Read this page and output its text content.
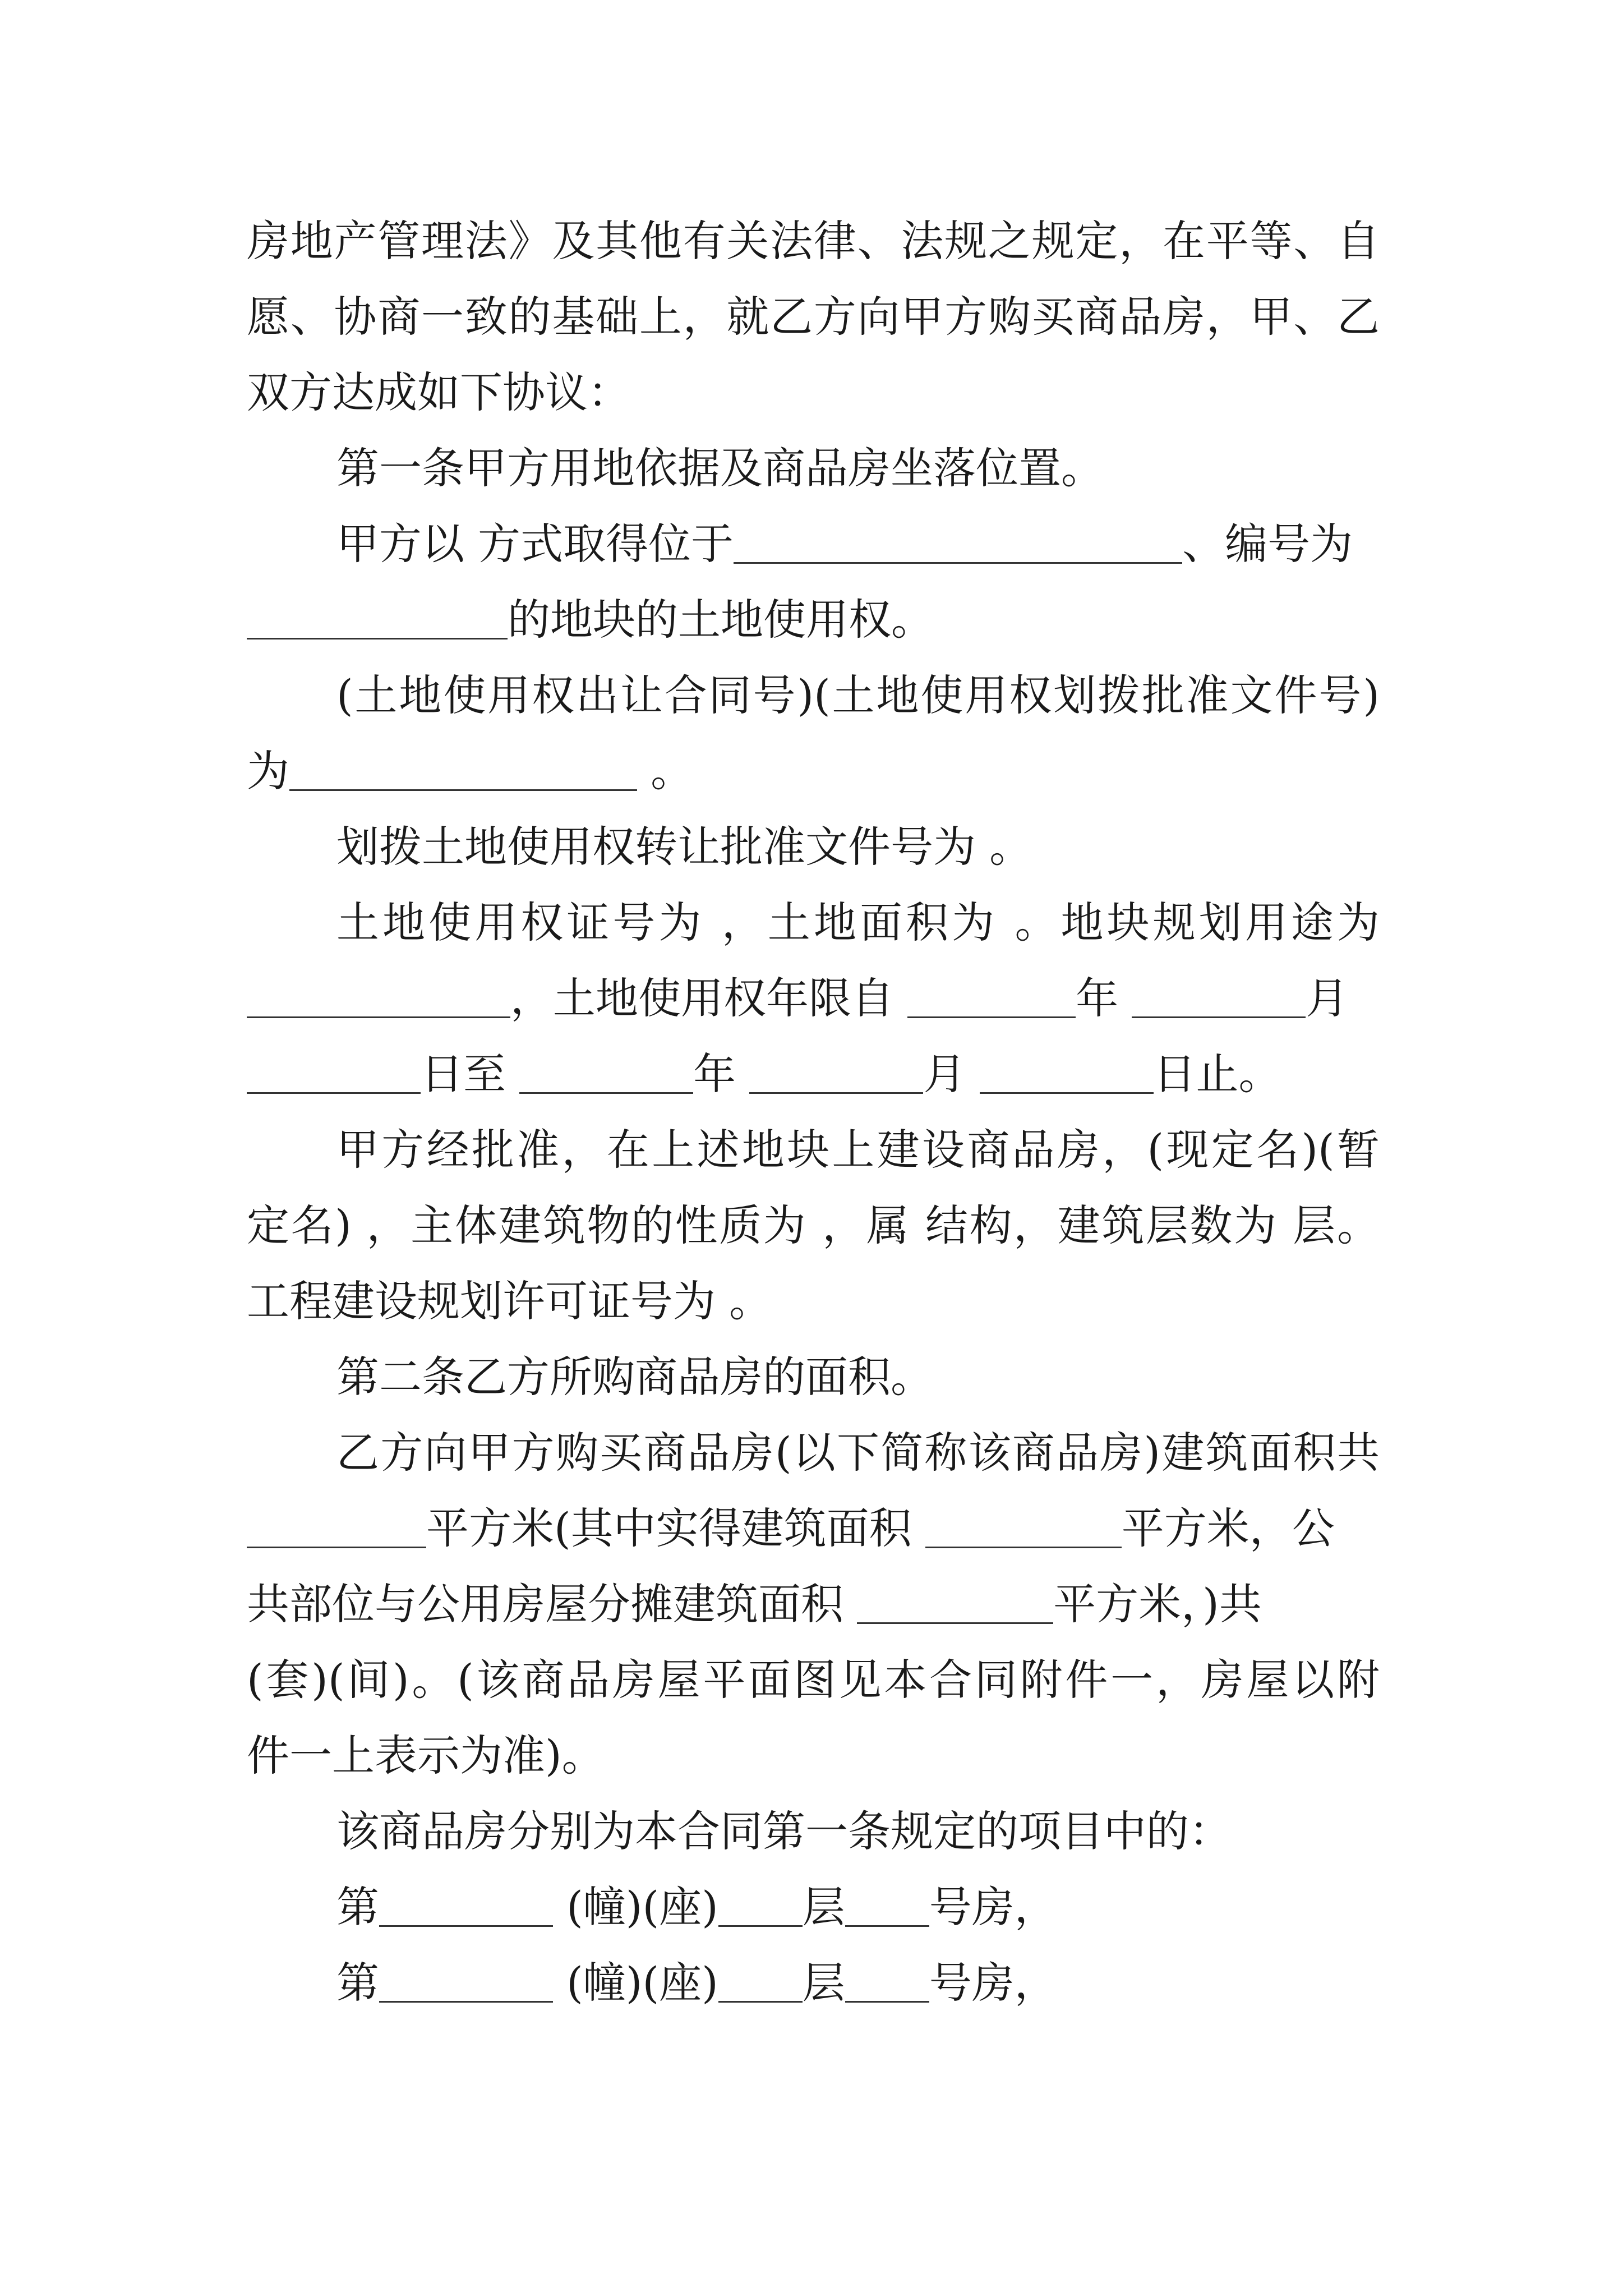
房地产管理法》及其他有关法律、法规之规定，在平等、自
愿、协商一致的基础上，就乙方向甲方购买商品房，甲、乙
双方达成如下协议：
第一条甲方用地依据及商品房坐落位置。
甲方以 方式取得位于	、编号为
的地块的土地使用权。
(土地使用权出让合同号)(土地使用权划拨批准文件号)
为	。
划拨土地使用权转让批准文件号为 。
土地使用权证号为 ，土地面积为 。地块规划用途为
，土地使用权年限自	年	月
日至	年	月	日止。
甲方经批准，在上述地块上建设商品房，(现定名)(暂
定名) ，主体建筑物的性质为 ，属 结构，建筑层数为 层。
工程建设规划许可证号为 。
第二条乙方所购商品房的面积。
乙方向甲方购买商品房(以下简称该商品房)建筑面积共
平方米(其中实得建筑面积	平方米，公
共部位与公用房屋分摊建筑面积	平方米，)共
(套)(间)。(该商品房屋平面图见本合同附件一，房屋以附
件一上表示为准)。
该商品房分别为本合同第一条规定的项目中的：
第	(幢)(座) 层 号房，
第	(幢)(座) 层 号房，
